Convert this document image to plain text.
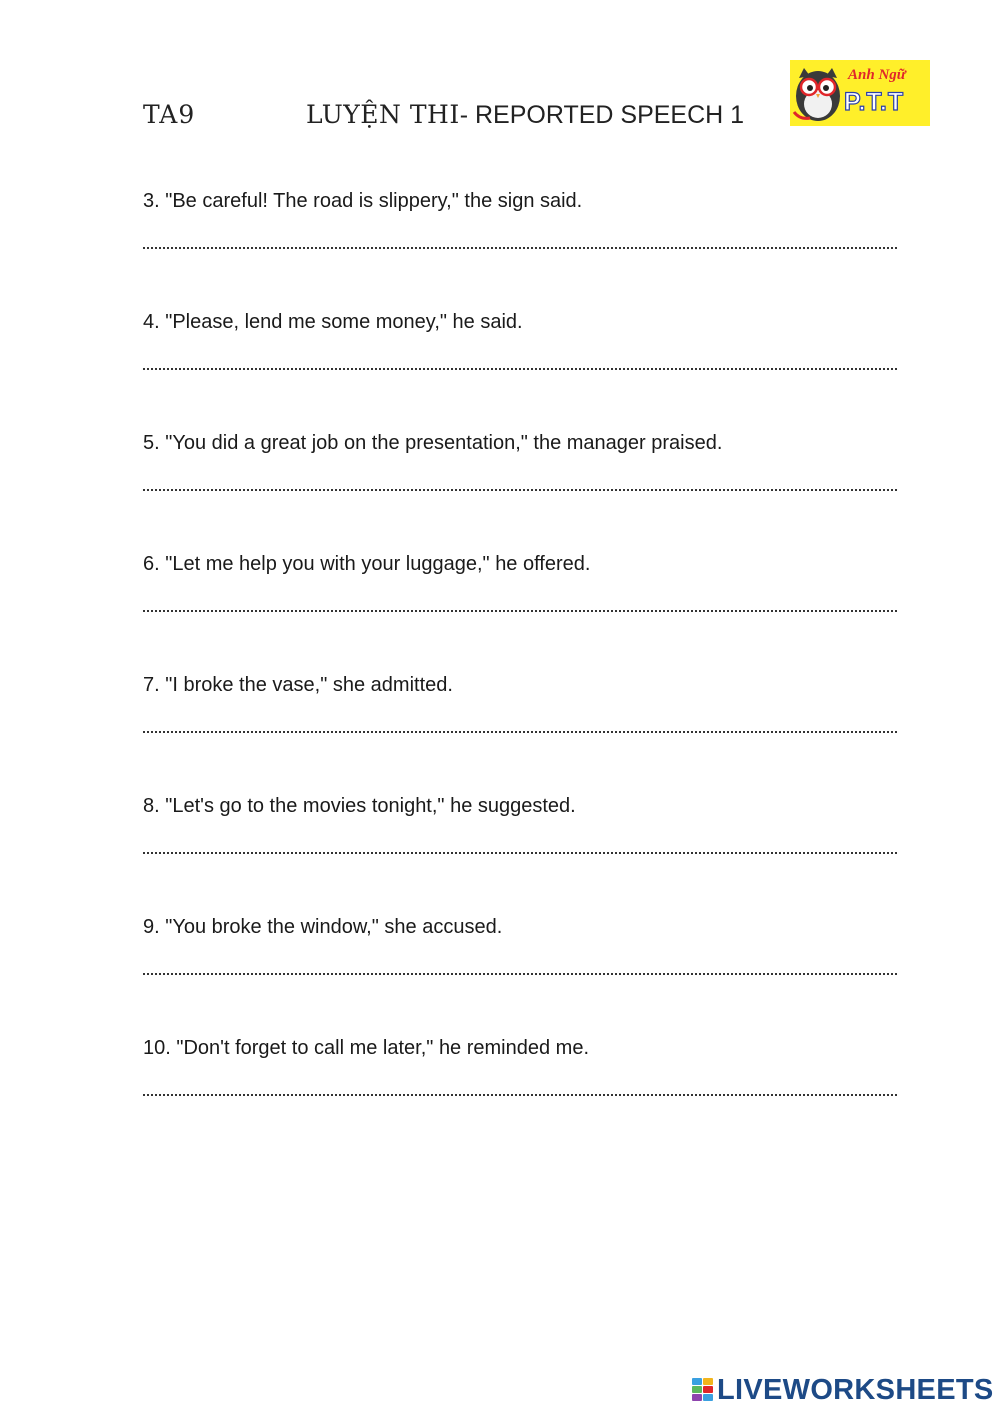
TA9	LUYỆN THI- REPORTED SPEECH 1
Anh Ngữ
P.T.T
3. "Be careful! The road is slippery," the sign said.
4. "Please, lend me some money," he said.
5. "You did a great job on the presentation," the manager praised.
6. "Let me help you with your luggage," he offered.
7. "I broke the vase," she admitted.
8. "Let's go to the movies tonight," he suggested.
9. "You broke the window," she accused.
10. "Don't forget to call me later," he reminded me.
LIVEWORKSHEETS
